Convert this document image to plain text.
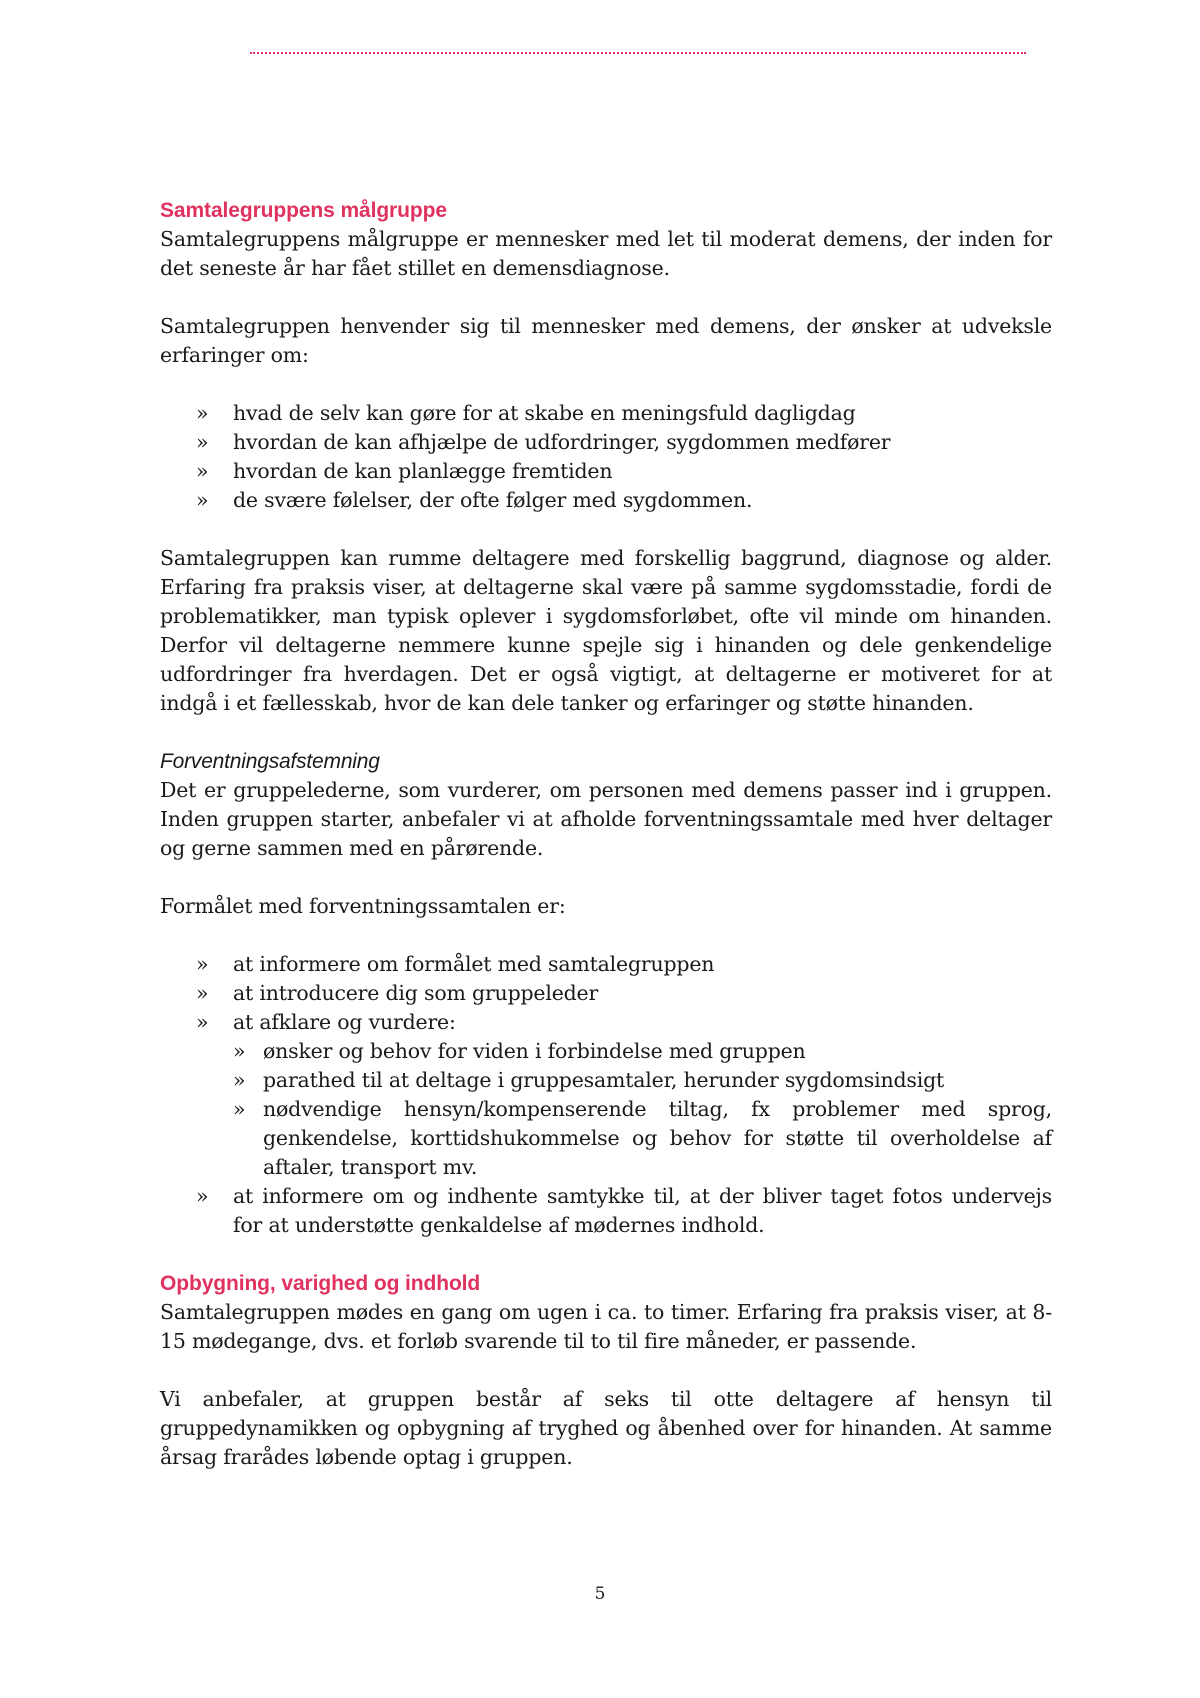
Samtalegruppens målgruppe

Samtalegruppens målgruppe er mennesker med let til moderat demens, der inden for det seneste år har fået stillet en demensdiagnose.

Samtalegruppen henvender sig til mennesker med demens, der ønsker at udveksle erfaringer om:

» hvad de selv kan gøre for at skabe en meningsfuld dagligdag
» hvordan de kan afhjælpe de udfordringer, sygdommen medfører
» hvordan de kan planlægge fremtiden
» de svære følelser, der ofte følger med sygdommen.

Samtalegruppen kan rumme deltagere med forskellig baggrund, diagnose og alder. Erfaring fra praksis viser, at deltagerne skal være på samme sygdomsstadie, fordi de problematikker, man typisk oplever i sygdomsforløbet, ofte vil minde om hinanden. Derfor vil deltagerne nemmere kunne spejle sig i hinanden og dele genkendelige udfordringer fra hverdagen. Det er også vigtigt, at deltagerne er motiveret for at indgå i et fællesskab, hvor de kan dele tanker og erfaringer og støtte hinanden.

Forventningsafstemning

Det er gruppelederne, som vurderer, om personen med demens passer ind i gruppen. Inden gruppen starter, anbefaler vi at afholde forventningssamtale med hver deltager og gerne sammen med en pårørende.

Formålet med forventningssamtalen er:

» at informere om formålet med samtalegruppen
» at introducere dig som gruppeleder
» at afklare og vurdere:
» ønsker og behov for viden i forbindelse med gruppen
» parathed til at deltage i gruppesamtaler, herunder sygdomsindsigt
» nødvendige hensyn/kompenserende tiltag, fx problemer med sprog, genkendelse, korttidshukommelse og behov for støtte til overholdelse af aftaler, transport mv.
» at informere om og indhente samtykke til, at der bliver taget fotos undervejs for at understøtte genkaldelse af mødernes indhold.
Opbygning, varighed og indhold

Samtalegruppen mødes en gang om ugen i ca. to timer. Erfaring fra praksis viser, at 8-15 mødegange, dvs. et forløb svarende til to til fire måneder, er passende.

Vi anbefaler, at gruppen består af seks til otte deltagere af hensyn til gruppedynamikken og opbygning af tryghed og åbenhed over for hinanden. At samme årsag frarådes løbende optag i gruppen.

5
